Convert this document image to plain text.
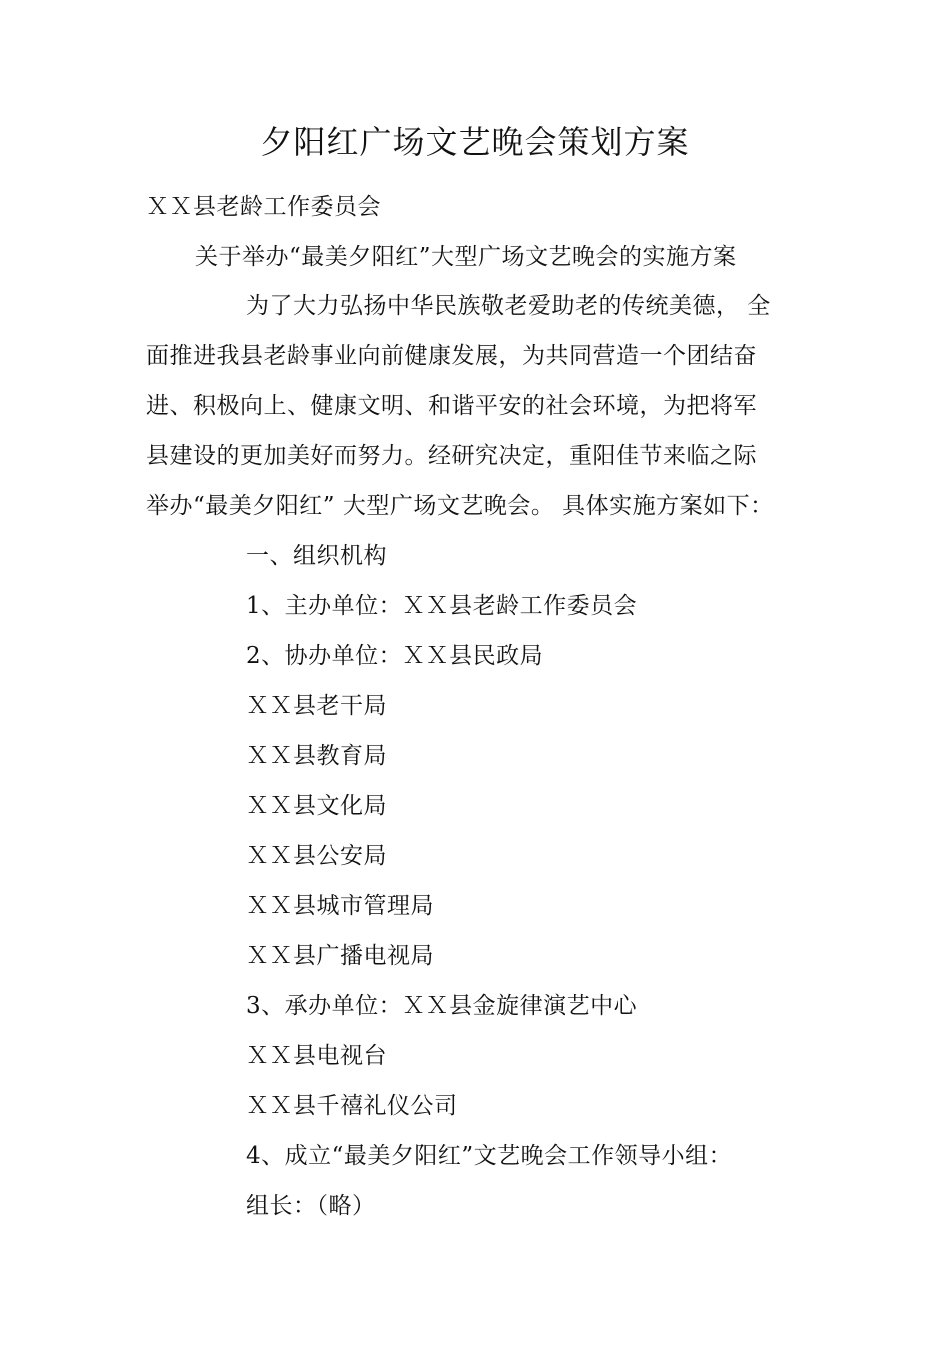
夕阳红广场文艺晚会策划方案
ＸＸ县老龄工作委员会
关于举办“最美夕阳红”大型广场文艺晚会的实施方案
为了大力弘扬中华民族敬老爱助老的传统美德， 全
面推进我县老龄事业向前健康发展，为共同营造一个团结奋
进、积极向上、健康文明、和谐平安的社会环境，为把将军
县建设的更加美好而努力。经研究决定，重阳佳节来临之际
举办“最美夕阳红” 大型广场文艺晚会。 具体实施方案如下：
一、组织机构
1、主办单位：ＸＸ县老龄工作委员会
2、协办单位：ＸＸ县民政局
ＸＸ县老干局
ＸＸ县教育局
ＸＸ县文化局
ＸＸ县公安局
ＸＸ县城市管理局
ＸＸ县广播电视局
3、承办单位：ＸＸ县金旋律演艺中心
ＸＸ县电视台
ＸＸ县千禧礼仪公司
4、成立“最美夕阳红”文艺晚会工作领导小组：
组长：（略）
